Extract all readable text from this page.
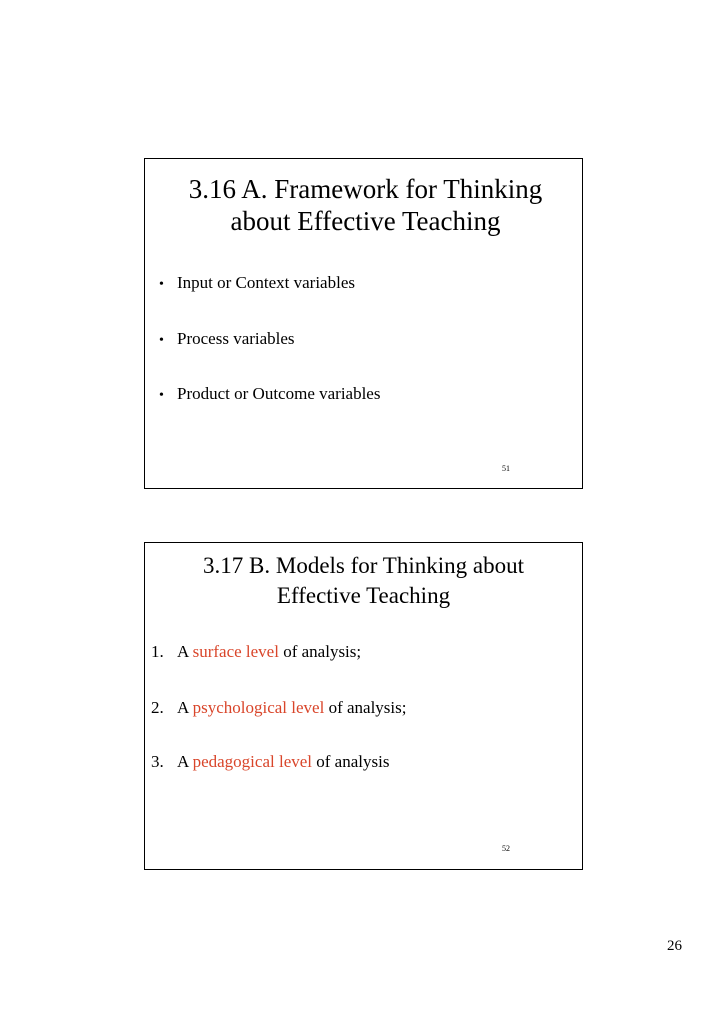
3.16 A. Framework for Thinking
about Effective Teaching
• Input or Context variables
• Process variables
• Product or Outcome variables
51
3.17 B. Models for Thinking about
Effective Teaching
1. A surface level of analysis;
2. A psychological level of analysis;
3. A pedagogical level of analysis
52
26
